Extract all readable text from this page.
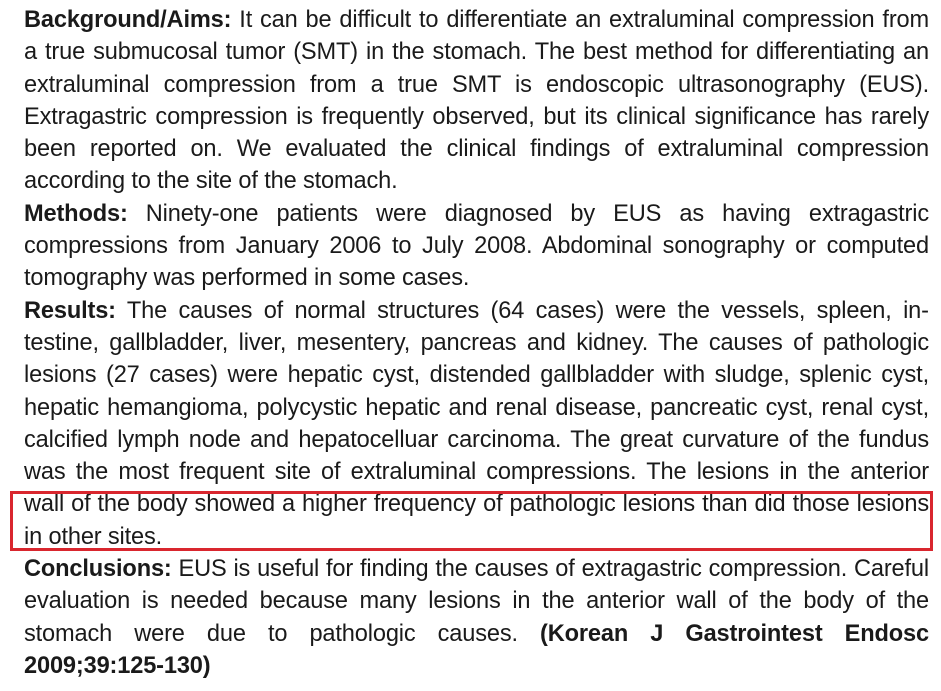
Background/Aims: It can be difficult to differentiate an extraluminal compression from a true submucosal tumor (SMT) in the stomach. The best method for differentiating an extraluminal compression from a true SMT is endoscopic ultrasonography (EUS). Extragastric compression is frequently observed, but its clinical significance has rarely been reported on. We evaluated the clinical findings of extraluminal compression according to the site of the stomach.

Methods: Ninety-one patients were diagnosed by EUS as having extragastric compressions from January 2006 to July 2008. Abdominal sonography or computed tomography was performed in some cases.

Results: The causes of normal structures (64 cases) were the vessels, spleen, intestine, gallbladder, liver, mesentery, pancreas and kidney. The causes of pathologic lesions (27 cases) were hepatic cyst, distended gallbladder with sludge, splenic cyst, hepatic hemangioma, polycystic hepatic and renal disease, pancreatic cyst, renal cyst, calcified lymph node and hepatocelluar carcinoma. The great curvature of the fundus was the most frequent site of extraluminal compressions. The lesions in the anterior wall of the body showed a higher frequency of pathologic lesions than did those lesions in other sites.

Conclusions: EUS is useful for finding the causes of extragastric compression. Careful evaluation is needed because many lesions in the anterior wall of the body of the stomach were due to pathologic causes. (Korean J Gastrointest Endosc 2009;39:125-130)
